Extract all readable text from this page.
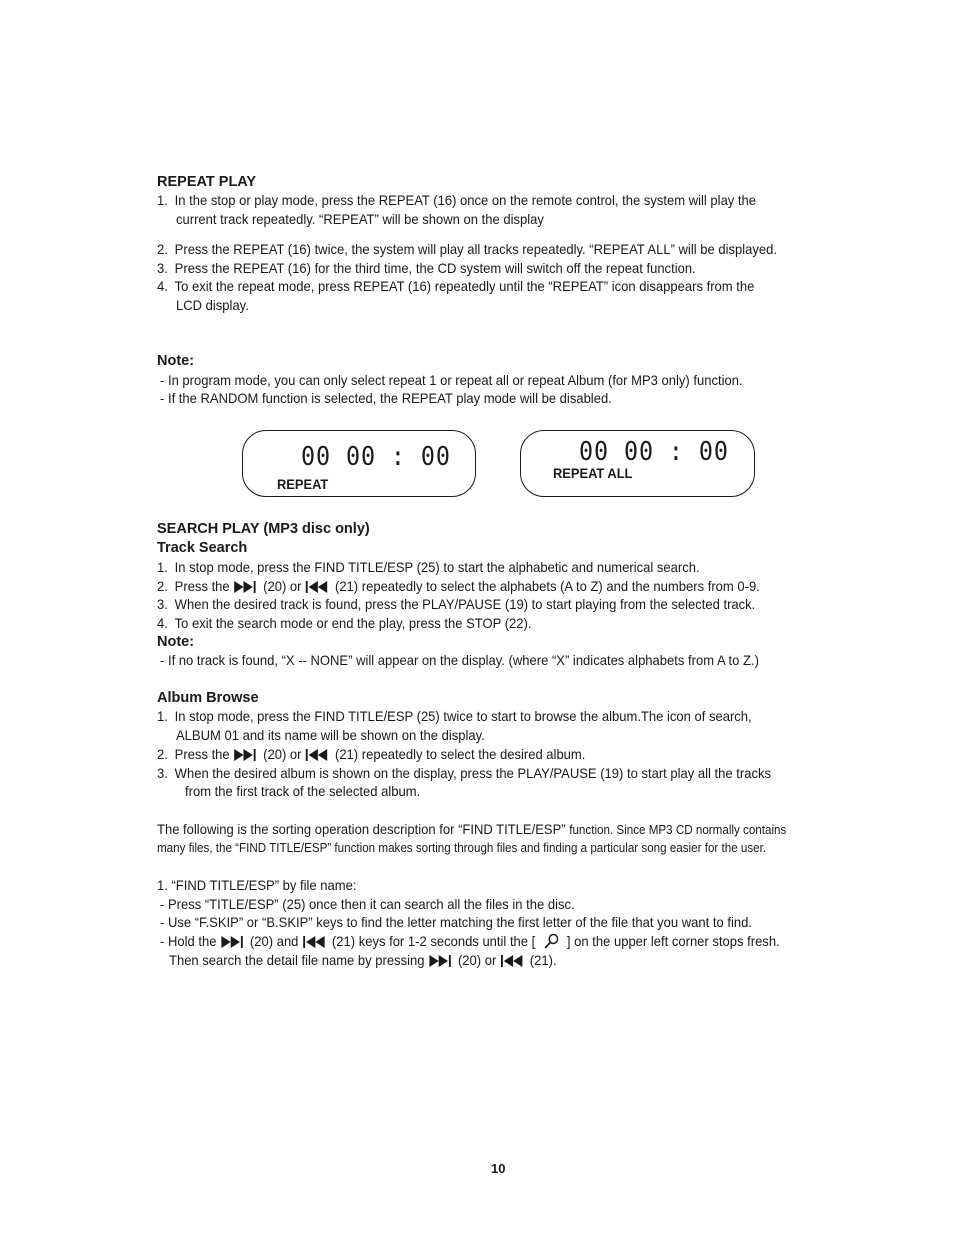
REPEAT PLAY
1. In the stop or play mode, press the REPEAT (16) once on the remote control, the system will play the
current track repeatedly. “REPEAT” will be shown on the display
2. Press the REPEAT (16) twice, the system will play all tracks repeatedly. “REPEAT ALL” will be displayed.
3. Press the REPEAT (16) for the third time, the CD system will switch off the repeat function.
4. To exit the repeat mode, press REPEAT (16) repeatedly until the “REPEAT” icon disappears from the
LCD display.
Note:
- In program mode, you can only select repeat 1 or repeat all or repeat Album (for MP3 only) function.
- If the RANDOM function is selected, the REPEAT play mode will be disabled.
00 00 : 00
REPEAT
00 00 : 00
REPEAT ALL
SEARCH PLAY (MP3 disc only)
Track Search
1. In stop mode, press the FIND TITLE/ESP (25) to start the alphabetic and numerical search.
2. Press the (20) or (21) repeatedly to select the alphabets (A to Z) and the numbers from 0-9.
3. When the desired track is found, press the PLAY/PAUSE (19) to start playing from the selected track.
4. To exit the search mode or end the play, press the STOP (22).
Note:
- If no track is found, “X -- NONE” will appear on the display. (where “X” indicates alphabets from A to Z.)
Album Browse
1. In stop mode, press the FIND TITLE/ESP (25) twice to start to browse the album.The icon of search,
ALBUM 01 and its name will be shown on the display.
2. Press the (20) or (21) repeatedly to select the desired album.
3. When the desired album is shown on the display, press the PLAY/PAUSE (19) to start play all the tracks
from the first track of the selected album.
The following is the sorting operation description for “FIND TITLE/ESP” function. Since MP3 CD normally contains
many files, the “FIND TITLE/ESP” function makes sorting through files and finding a particular song easier for the user.
1. “FIND TITLE/ESP” by file name:
- Press “TITLE/ESP” (25) once then it can search all the files in the disc.
- Use “F.SKIP” or “B.SKIP” keys to find the letter matching the first letter of the file that you want to find.
- Hold the (20) and (21) keys for 1-2 seconds until the [ ] on the upper left corner stops fresh.
Then search the detail file name by pressing (20) or (21).
10
